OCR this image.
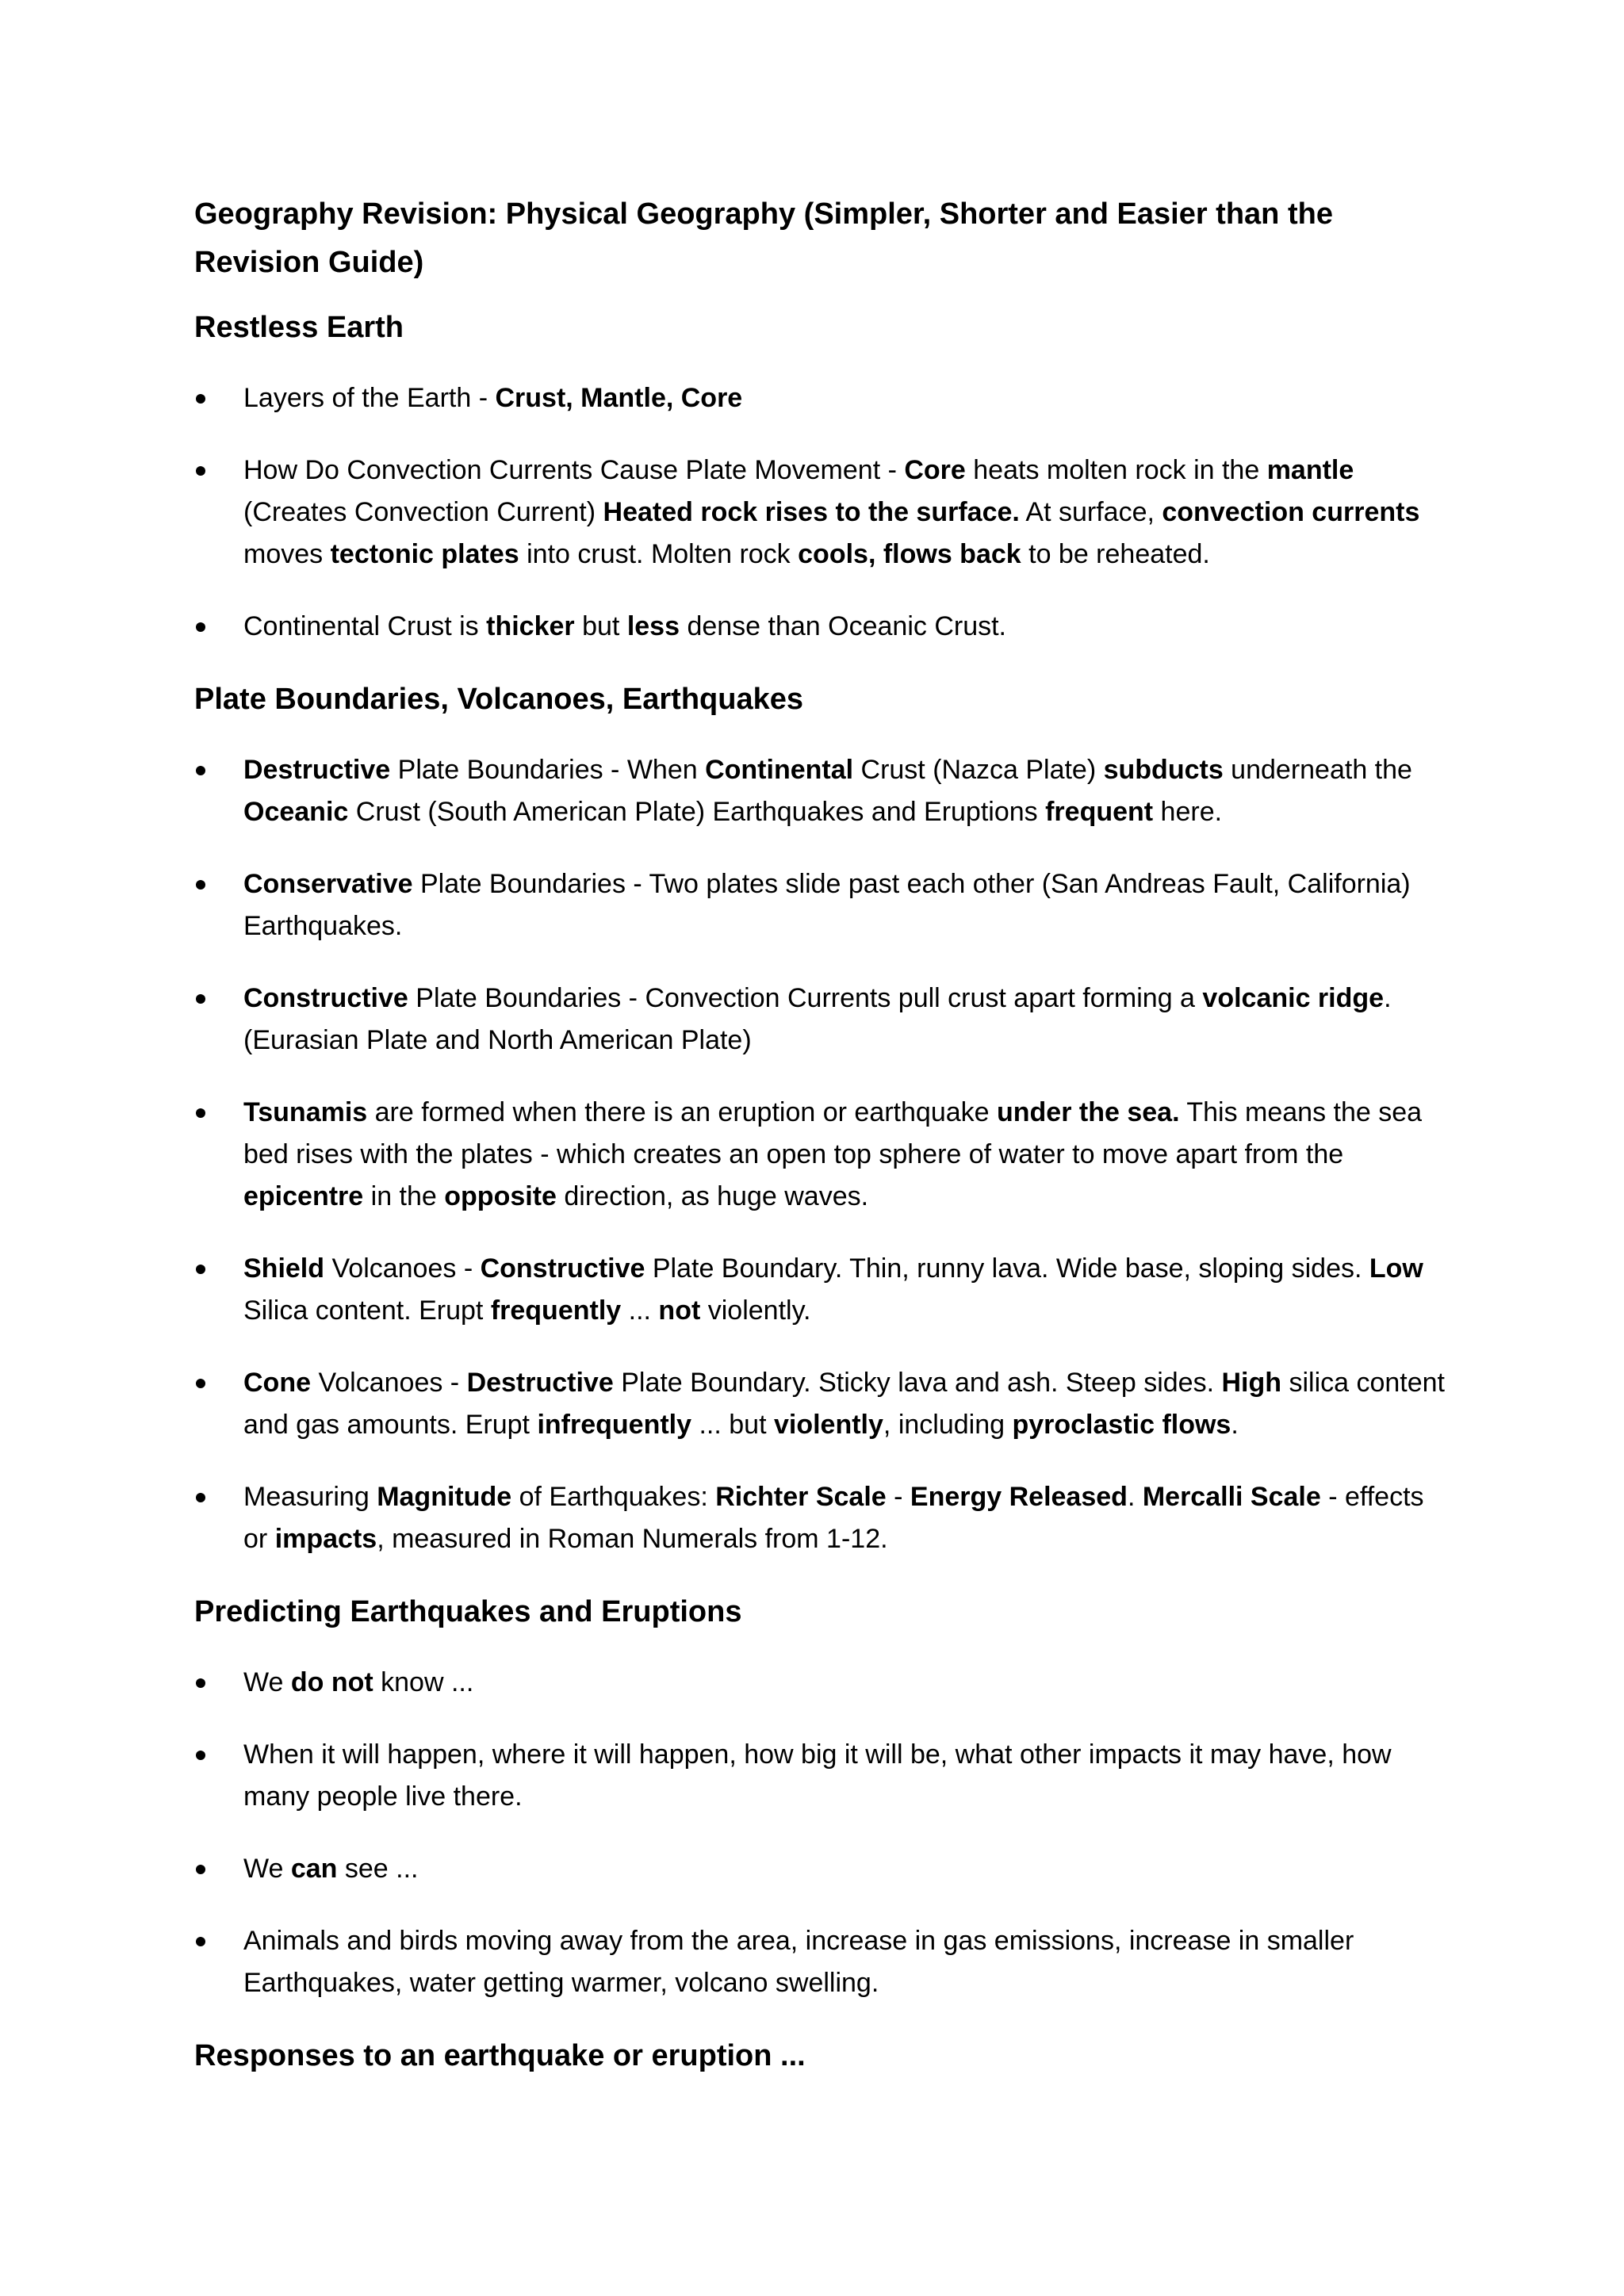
Geography Revision: Physical Geography (Simpler, Shorter and Easier than the Revision Guide)
Restless Earth
Layers of the Earth - Crust, Mantle, Core
How Do Convection Currents Cause Plate Movement - Core heats molten rock in the mantle (Creates Convection Current) Heated rock rises to the surface. At surface, convection currents moves tectonic plates into crust. Molten rock cools, flows back to be reheated.
Continental Crust is thicker but less dense than Oceanic Crust.
Plate Boundaries, Volcanoes, Earthquakes
Destructive Plate Boundaries - When Continental Crust (Nazca Plate) subducts underneath the Oceanic Crust (South American Plate) Earthquakes and Eruptions frequent here.
Conservative Plate Boundaries - Two plates slide past each other (San Andreas Fault, California) Earthquakes.
Constructive Plate Boundaries - Convection Currents pull crust apart forming a volcanic ridge. (Eurasian Plate and North American Plate)
Tsunamis are formed when there is an eruption or earthquake under the sea. This means the sea bed rises with the plates - which creates an open top sphere of water to move apart from the epicentre in the opposite direction, as huge waves.
Shield Volcanoes - Constructive Plate Boundary. Thin, runny lava. Wide base, sloping sides. Low Silica content. Erupt frequently ... not violently.
Cone Volcanoes - Destructive Plate Boundary. Sticky lava and ash. Steep sides. High silica content and gas amounts. Erupt infrequently ... but violently, including pyroclastic flows.
Measuring Magnitude of Earthquakes: Richter Scale - Energy Released. Mercalli Scale - effects or impacts, measured in Roman Numerals from 1-12.
Predicting Earthquakes and Eruptions
We do not know ...
When it will happen, where it will happen, how big it will be, what other impacts it may have, how many people live there.
We can see ...
Animals and birds moving away from the area, increase in gas emissions, increase in smaller Earthquakes, water getting warmer, volcano swelling.
Responses to an earthquake or eruption ...
